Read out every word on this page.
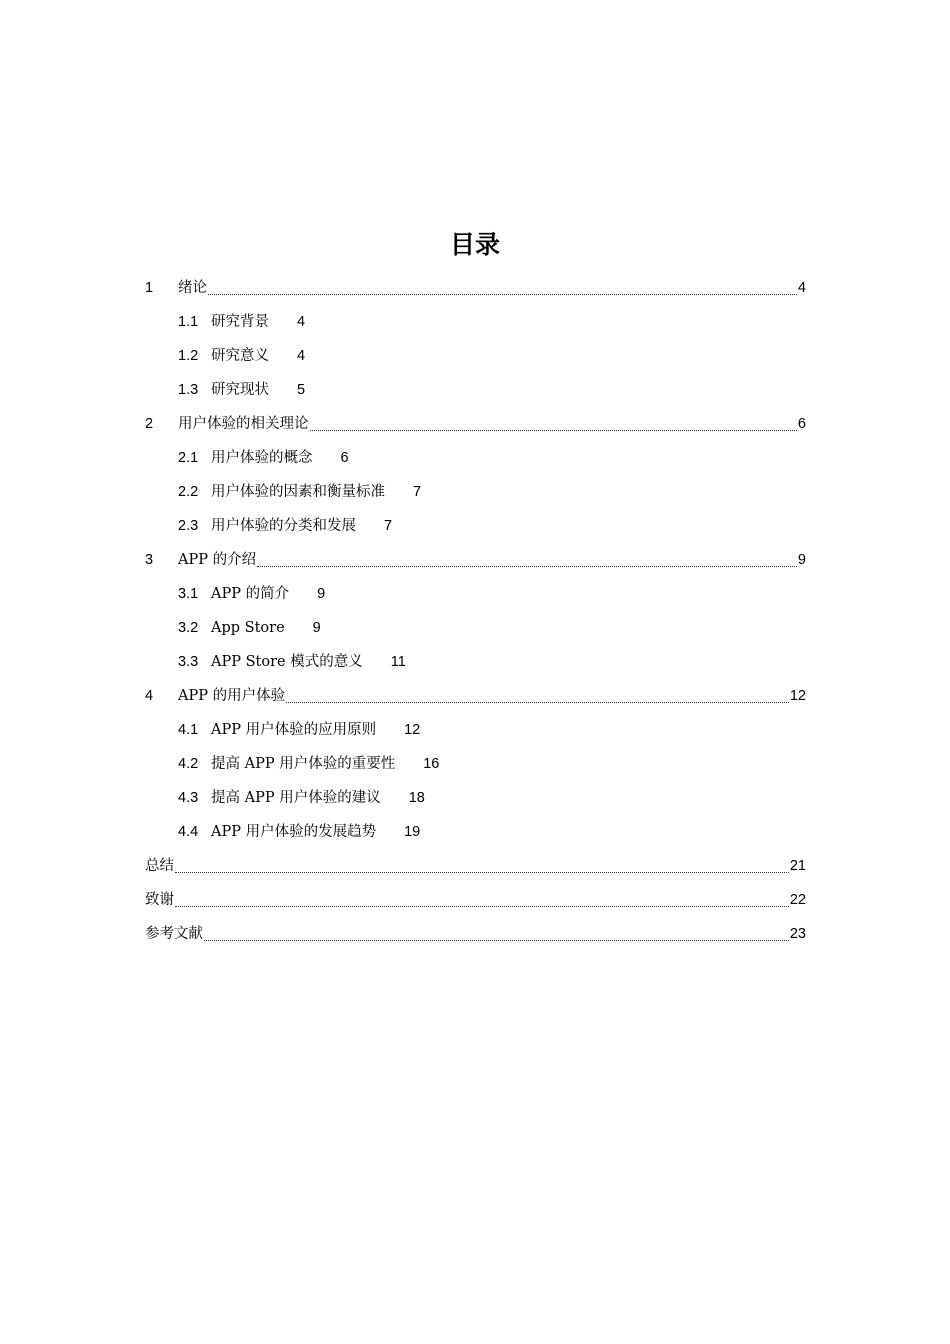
目录
1	绪论	4
1.1 研究背景 4
1.2 研究意义 4
1.3 研究现状 5
2	用户体验的相关理论	6
2.1 用户体验的概念 6
2.2 用户体验的因素和衡量标准 7
2.3 用户体验的分类和发展 7
3	APP 的介绍	9
3.1 APP 的简介 9
3.2 App Store 9
3.3 APP Store 模式的意义 11
4	APP 的用户体验	12
4.1 APP 用户体验的应用原则 12
4.2 提高 APP 用户体验的重要性 16
4.3 提高 APP 用户体验的建议 18
4.4 APP 用户体验的发展趋势 19
总结	21
致谢	22
参考文献	23
